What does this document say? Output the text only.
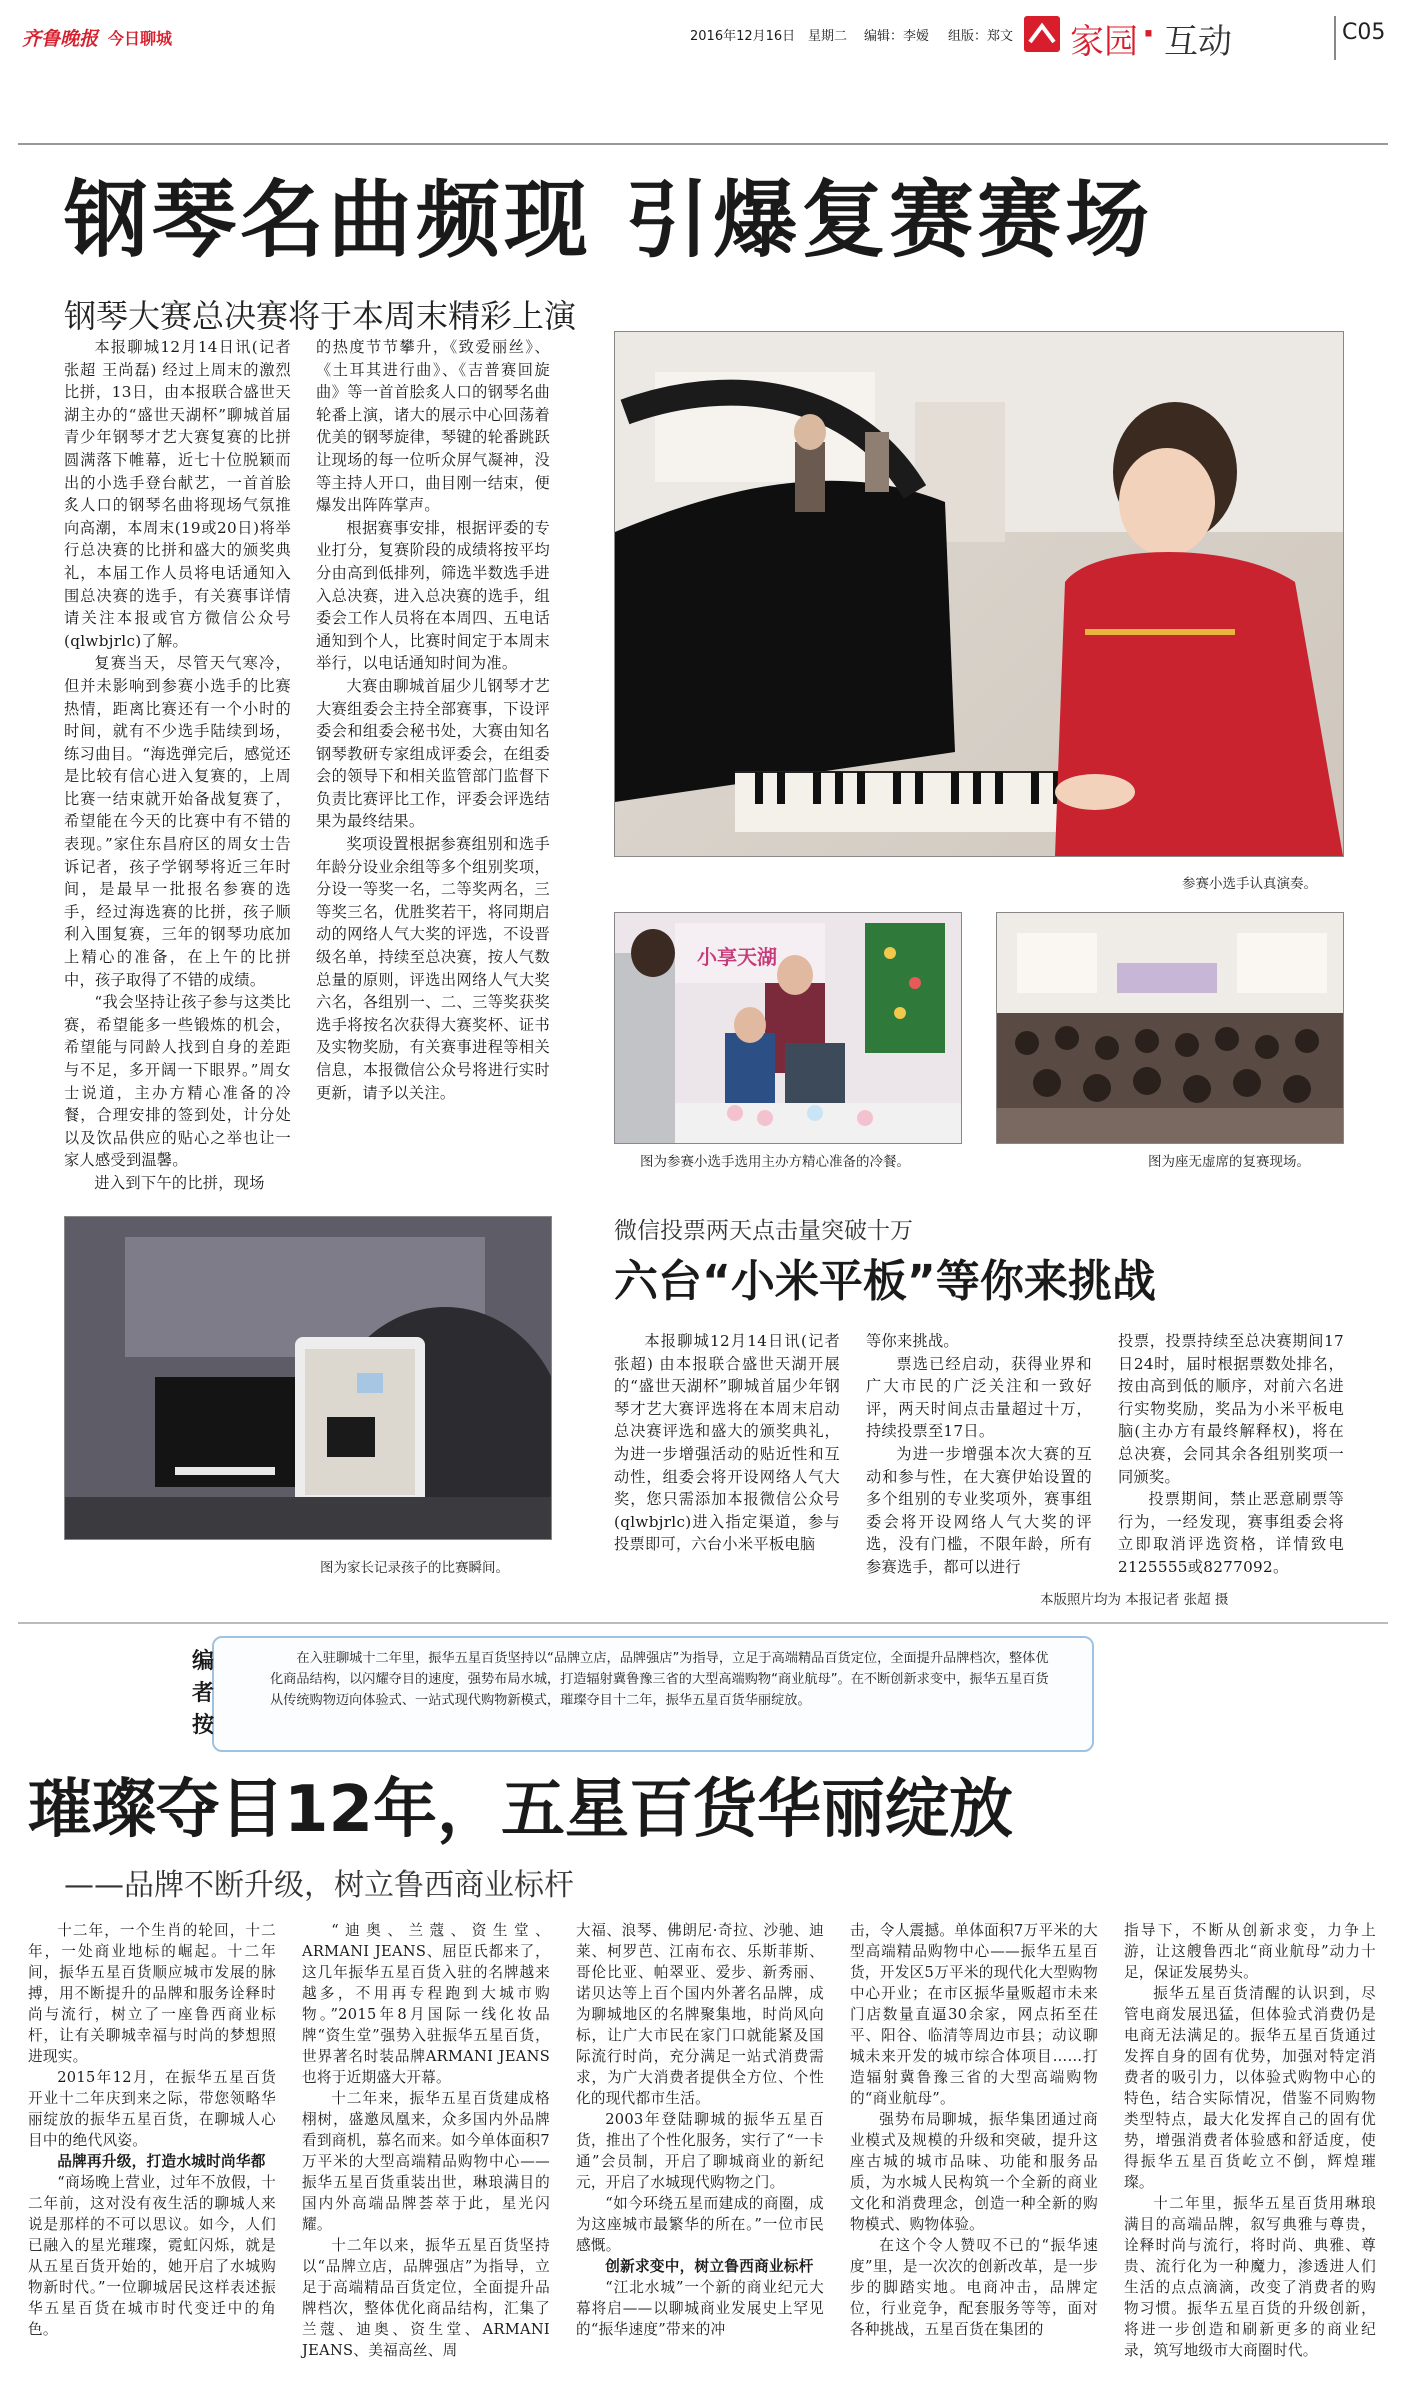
齐鲁晚报 今日聊城	2016年12月16日 星期二 编辑：李嫒 组版：郑文 家园 · 互动	C05
钢琴名曲频现 引爆复赛赛场
钢琴大赛总决赛将于本周末精彩上演

本报聊城12月14日讯(记者 张超 王尚磊) 经过上周末的激烈比拼，13日，由本报联合盛世天湖主办的“盛世天湖杯”聊城首届青少年钢琴才艺大赛复赛的比拼圆满落下帷幕，近七十位脱颖而出的小选手登台献艺，一首首脍炙人口的钢琴名曲将现场气氛推向高潮，本周末(19或20日)将举行总决赛的比拼和盛大的颁奖典礼，本届工作人员将电话通知入围总决赛的选手，有关赛事详情请关注本报或官方微信公众号(qlwbjrlc)了解。

复赛当天，尽管天气寒冷，但并未影响到参赛小选手的比赛热情，距离比赛还有一个小时的时间，就有不少选手陆续到场，练习曲目。“海选弹完后，感觉还是比较有信心进入复赛的，上周比赛一结束就开始备战复赛了，希望能在今天的比赛中有不错的表现。”家住东昌府区的周女士告诉记者，孩子学钢琴将近三年时间，是最早一批报名参赛的选手，经过海选赛的比拼，孩子顺利入围复赛，三年的钢琴功底加上精心的准备，在上午的比拼中，孩子取得了不错的成绩。

“我会坚持让孩子参与这类比赛，希望能多一些锻炼的机会，希望能与同龄人找到自身的差距与不足，多开阔一下眼界。”周女士说道，主办方精心准备的冷餐，合理安排的签到处，计分处以及饮品供应的贴心之举也让一家人感受到温馨。

进入到下午的比拼，现场

的热度节节攀升，《致爱丽丝》、《土耳其进行曲》、《吉普赛回旋曲》等一首首脍炙人口的钢琴名曲轮番上演，诸大的展示中心回荡着优美的钢琴旋律，琴键的轮番跳跃让现场的每一位听众屏气凝神，没等主持人开口，曲目刚一结束，便爆发出阵阵掌声。

根据赛事安排，根据评委的专业打分，复赛阶段的成绩将按平均分由高到低排列，筛选半数选手进入总决赛，进入总决赛的选手，组委会工作人员将在本周四、五电话通知到个人，比赛时间定于本周末举行，以电话通知时间为准。

大赛由聊城首届少儿钢琴才艺大赛组委会主持全部赛事，下设评委会和组委会秘书处，大赛由知名钢琴教研专家组成评委会，在组委会的领导下和相关监管部门监督下负责比赛评比工作，评委会评选结果为最终结果。

奖项设置根据参赛组别和选手年龄分设业余组等多个组别奖项，分设一等奖一名，二等奖两名，三等奖三名，优胜奖若干，将同期启动的网络人气大奖的评选，不设晋级名单，持续至总决赛，按人气数总量的原则，评选出网络人气大奖六名，各组别一、二、三等奖获奖选手将按名次获得大赛奖杯、证书及实物奖励，有关赛事进程等相关信息，本报微信公众号将进行实时更新，请予以关注。

参赛小选手认真演奏。
小享天湖
图为参赛小选手选用主办方精心准备的冷餐。	图为座无虚席的复赛现场。
图为家长记录孩子的比赛瞬间。
微信投票两天点击量突破十万
六台“小米平板”等你来挑战

本报聊城12月14日讯(记者 张超) 由本报联合盛世天湖开展的“盛世天湖杯”聊城首届少年钢琴才艺大赛评选将在本周末启动总决赛评选和盛大的颁奖典礼，为进一步增强活动的贴近性和互动性，组委会将开设网络人气大奖，您只需添加本报微信公众号(qlwbjrlc)进入指定渠道，参与投票即可，六台小米平板电脑

等你来挑战。

票选已经启动，获得业界和广大市民的广泛关注和一致好评，两天时间点击量超过十万，持续投票至17日。

为进一步增强本次大赛的互动和参与性，在大赛伊始设置的多个组别的专业奖项外，赛事组委会将开设网络人气大奖的评选，没有门槛，不限年龄，所有参赛选手，都可以进行

投票，投票持续至总决赛期间17日24时，届时根据票数处排名，按由高到低的顺序，对前六名进行实物奖励，奖品为小米平板电脑(主办方有最终解释权)，将在总决赛，会同其余各组别奖项一同颁奖。

投票期间，禁止恶意刷票等行为，一经发现，赛事组委会将立即取消评选资格，详情致电2125555或8277092。

本版照片均为 本报记者 张超 摄
编者按
在入驻聊城十二年里，振华五星百货坚持以“品牌立店，品牌强店”为指导，立足于高端精品百货定位，全面提升品牌档次，整体优化商品结构，以闪耀夺目的速度，强势布局水城，打造辐射冀鲁豫三省的大型高端购物“商业航母”。在不断创新求变中，振华五星百货从传统购物迈向体验式、一站式现代购物新模式，璀璨夺目十二年，振华五星百货华丽绽放。
璀璨夺目12年，五星百货华丽绽放
——品牌不断升级，树立鲁西商业标杆

十二年，一个生肖的轮回，十二年，一处商业地标的崛起。十二年间，振华五星百货顺应城市发展的脉搏，用不断提升的品牌和服务诠释时尚与流行，树立了一座鲁西商业标杆，让有关聊城幸福与时尚的梦想照进现实。

2015年12月，在振华五星百货开业十二年庆到来之际，带您领略华丽绽放的振华五星百货，在聊城人心目中的绝代风姿。

品牌再升级，打造水城时尚华都

“商场晚上营业，过年不放假，十二年前，这对没有夜生活的聊城人来说是那样的不可以思议。如今，人们已融入的星光璀璨，霓虹闪烁，就是从五星百货开始的，她开启了水城购物新时代。”一位聊城居民这样表述振华五星百货在城市时代变迁中的角色。

“迪奥、兰蔻、资生堂、ARMANI JEANS、屈臣氏都来了，这几年振华五星百货入驻的名牌越来越多，不用再专程跑到大城市购物。”2015年8月国际一线化妆品牌“资生堂”强势入驻振华五星百货，世界著名时装品牌ARMANI JEANS也将于近期盛大开幕。

十二年来，振华五星百货建成格栩树，盛邀凤凰来，众多国内外品牌看到商机，慕名而来。如今单体面积7万平米的大型高端精品购物中心——振华五星百货重装出世，琳琅满目的国内外高端品牌荟萃于此，星光闪耀。

十二年以来，振华五星百货坚持以“品牌立店，品牌强店”为指导，立足于高端精品百货定位，全面提升品牌档次，整体优化商品结构，汇集了兰蔻、迪奥、资生堂、ARMANI JEANS、美福高丝、周

大福、浪琴、佛朗尼·奇拉、沙驰、迪莱、柯罗芭、江南布衣、乐斯菲斯、哥伦比亚、帕翠亚、爱步、新秀丽、诺贝达等上百个国内外著名品牌，成为聊城地区的名牌聚集地，时尚风向标，让广大市民在家门口就能紧及国际流行时尚，充分满足一站式消费需求，为广大消费者提供全方位、个性化的现代都市生活。

2003年登陆聊城的振华五星百货，推出了个性化服务，实行了“一卡通”会员制，开启了聊城商业的新纪元，开启了水城现代购物之门。

“如今环绕五星而建成的商圈，成为这座城市最繁华的所在。”一位市民感慨。

创新求变中，树立鲁西商业标杆

“江北水城”一个新的商业纪元大幕将启——以聊城商业发展史上罕见的“振华速度”带来的冲

击，令人震撼。单体面积7万平米的大型高端精品购物中心——振华五星百货，开发区5万平米的现代化大型购物中心开业；在市区振华量贩超市未来门店数量直逼30余家，网点拓至茌平、阳谷、临清等周边市县；动议聊城未来开发的城市综合体项目……打造辐射冀鲁豫三省的大型高端购物的“商业航母”。

强势布局聊城，振华集团通过商业模式及规模的升级和突破，提升这座古城的城市品味、功能和服务品质，为水城人民构筑一个全新的商业文化和消费理念，创造一种全新的购物模式、购物体验。

在这个令人赞叹不已的“振华速度”里，是一次次的创新改革，是一步步的脚踏实地。电商冲击，品牌定位，行业竞争，配套服务等等，面对各种挑战，五星百货在集团的

指导下，不断从创新求变，力争上游，让这艘鲁西北“商业航母”动力十足，保证发展势头。

振华五星百货清醒的认识到，尽管电商发展迅猛，但体验式消费仍是电商无法满足的。振华五星百货通过发挥自身的固有优势，加强对特定消费者的吸引力，以体验式购物中心的特色，结合实际情况，借鉴不同购物类型特点，最大化发挥自己的固有优势，增强消费者体验感和舒适度，使得振华五星百货屹立不倒，辉煌璀璨。

十二年里，振华五星百货用琳琅满目的高端品牌，叙写典雅与尊贵，诠释时尚与流行，将时尚、典雅、尊贵、流行化为一种魔力，渗透进人们生活的点点滴滴，改变了消费者的购物习惯。振华五星百货的升级创新，将进一步创造和刷新更多的商业纪录，筑写地级市大商圈时代。
